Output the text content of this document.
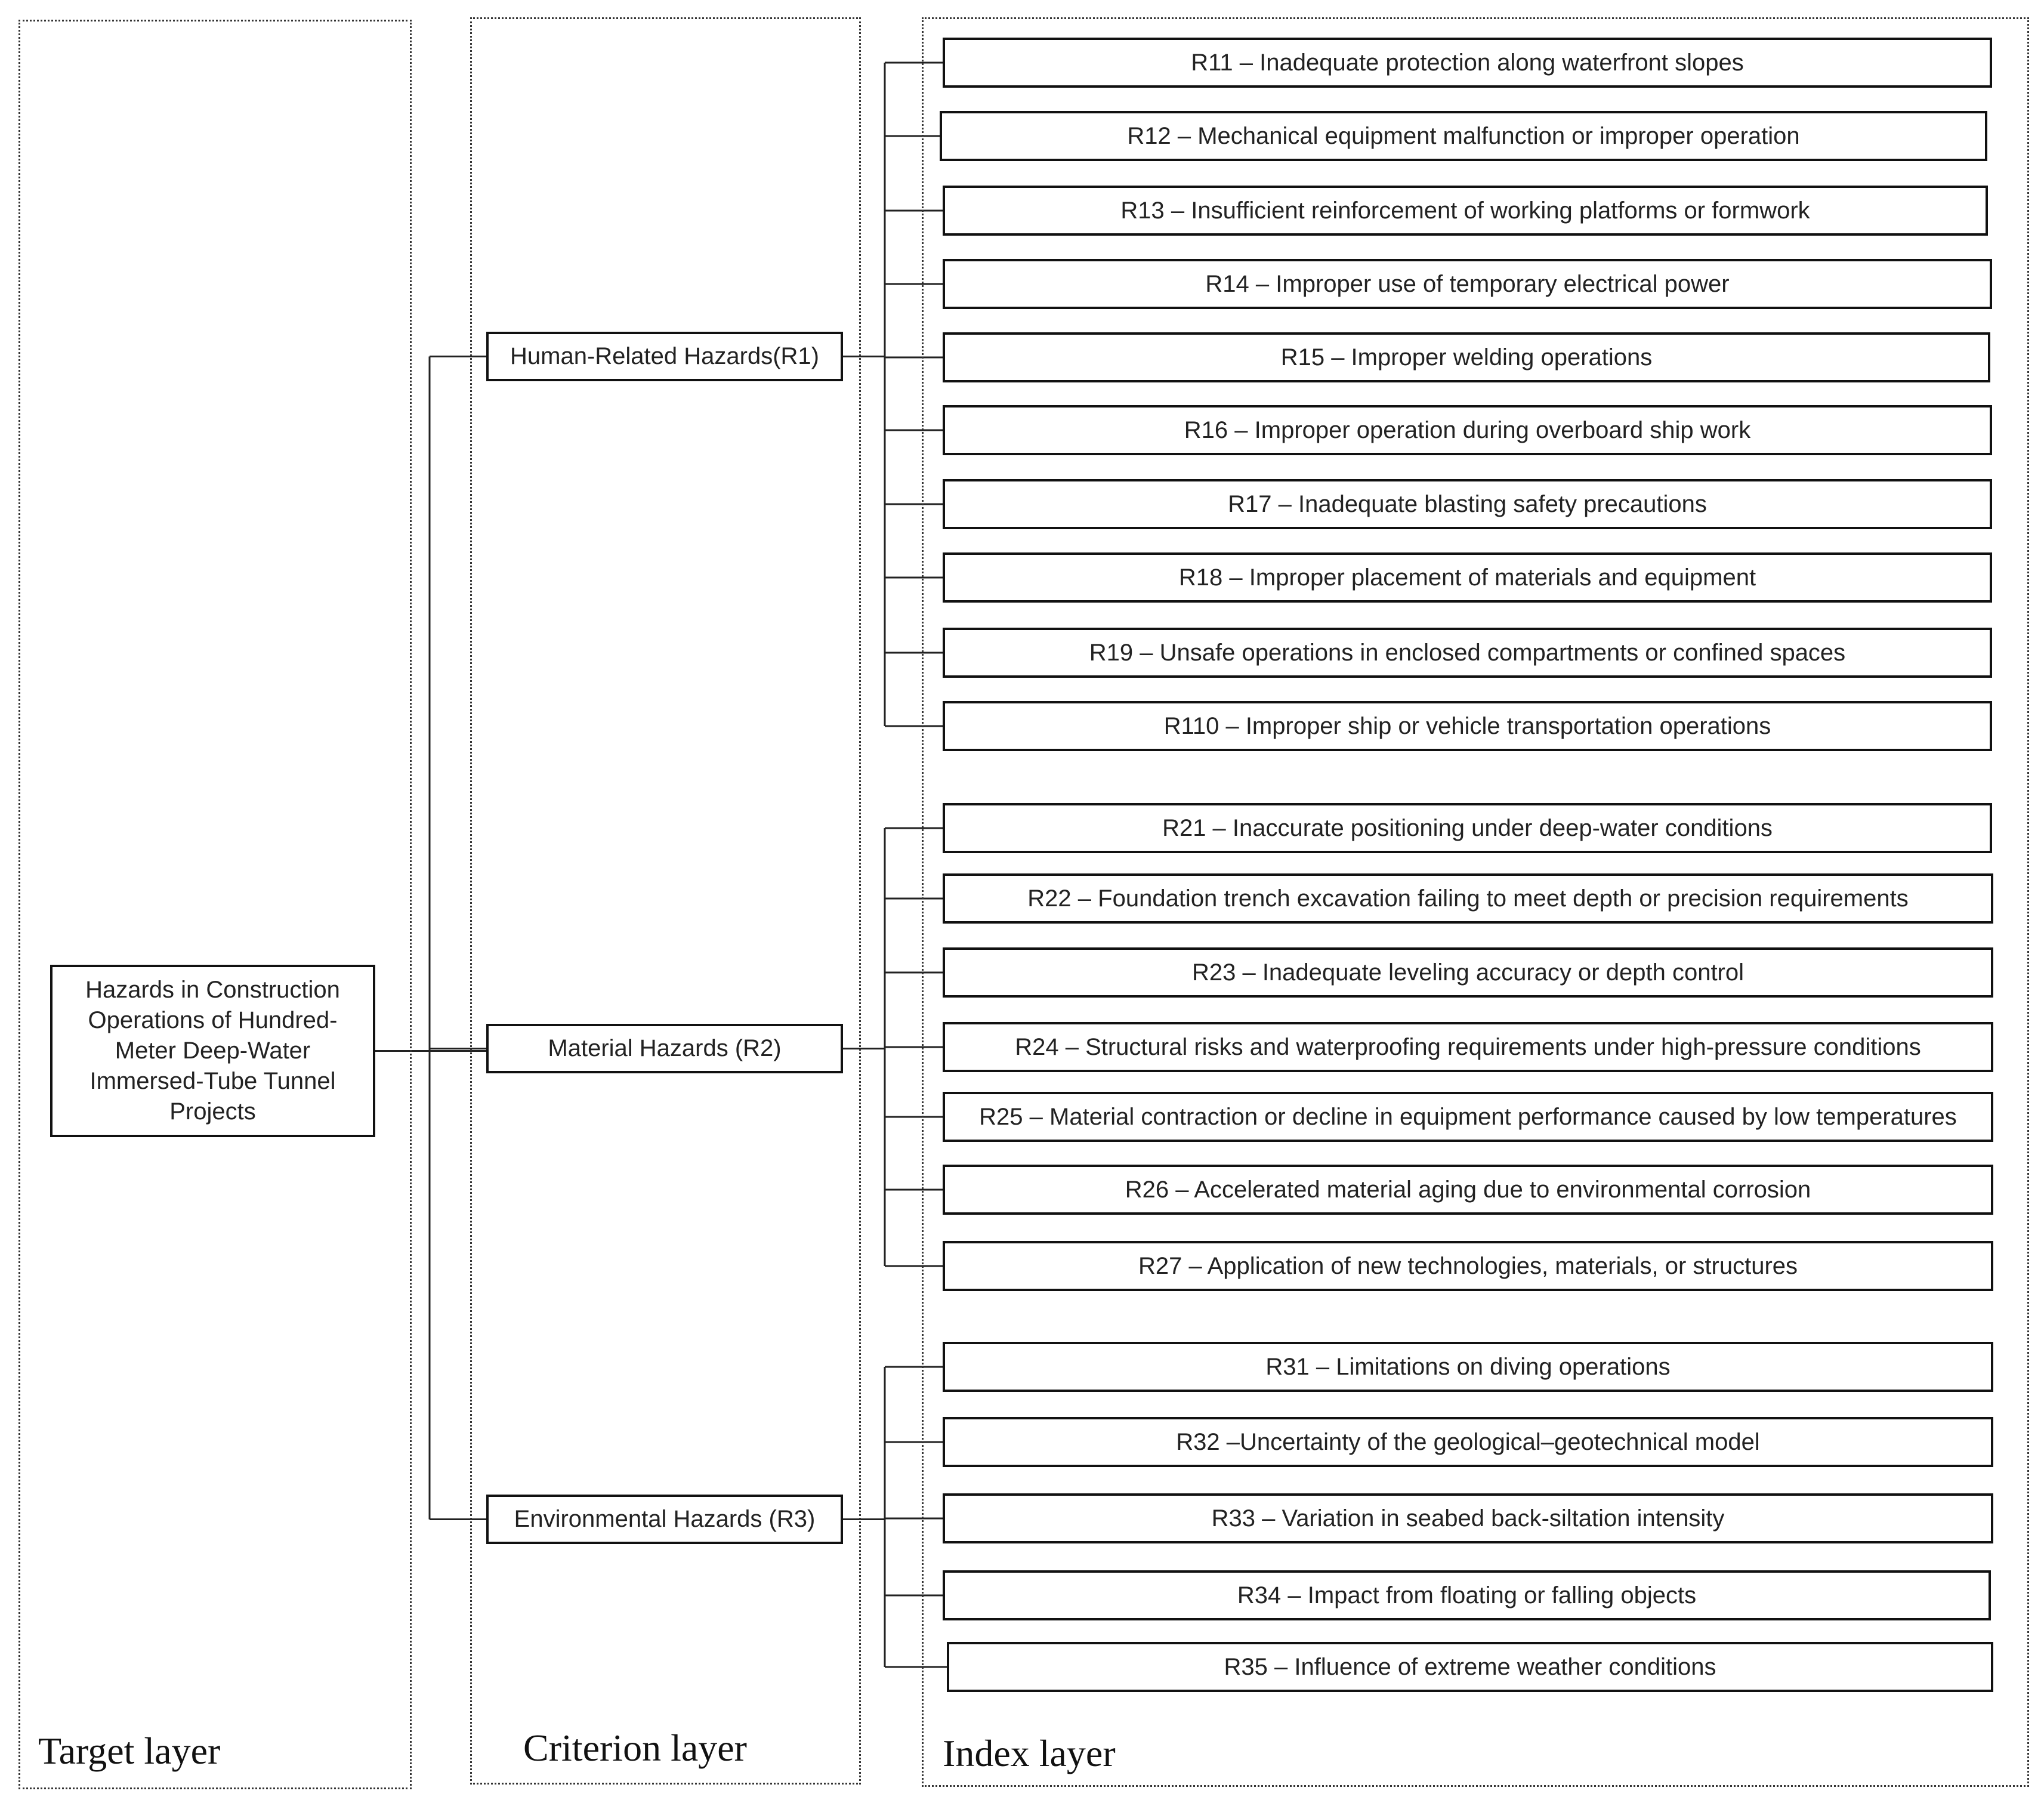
Target layer	Criterion layer	Index layer
Hazards in Construction Operations of Hundred-Meter Deep-Water Immersed-Tube Tunnel Projects
Human-Related Hazards(R1)
Material Hazards (R2)
Environmental Hazards (R3)
R11 – Inadequate protection along waterfront slopes
R12 – Mechanical equipment malfunction or improper operation
R13 – Insufficient reinforcement of working platforms or formwork
R14 – Improper use of temporary electrical power
R15 – Improper welding operations
R16 – Improper operation during overboard ship work
R17 – Inadequate blasting safety precautions
R18 – Improper placement of materials and equipment
R19 – Unsafe operations in enclosed compartments or confined spaces
R110 – Improper ship or vehicle transportation operations
R21 – Inaccurate positioning under deep-water conditions
R22 – Foundation trench excavation failing to meet depth or precision requirements
R23 – Inadequate leveling accuracy or depth control
R24 – Structural risks and waterproofing requirements under high-pressure conditions
R25 – Material contraction or decline in equipment performance caused by low temperatures
R26 – Accelerated material aging due to environmental corrosion
R27 – Application of new technologies, materials, or structures
R31 – Limitations on diving operations
R32 –Uncertainty of the geological–geotechnical model
R33 – Variation in seabed back-siltation intensity
R34 – Impact from floating or falling objects
R35 – Influence of extreme weather conditions
